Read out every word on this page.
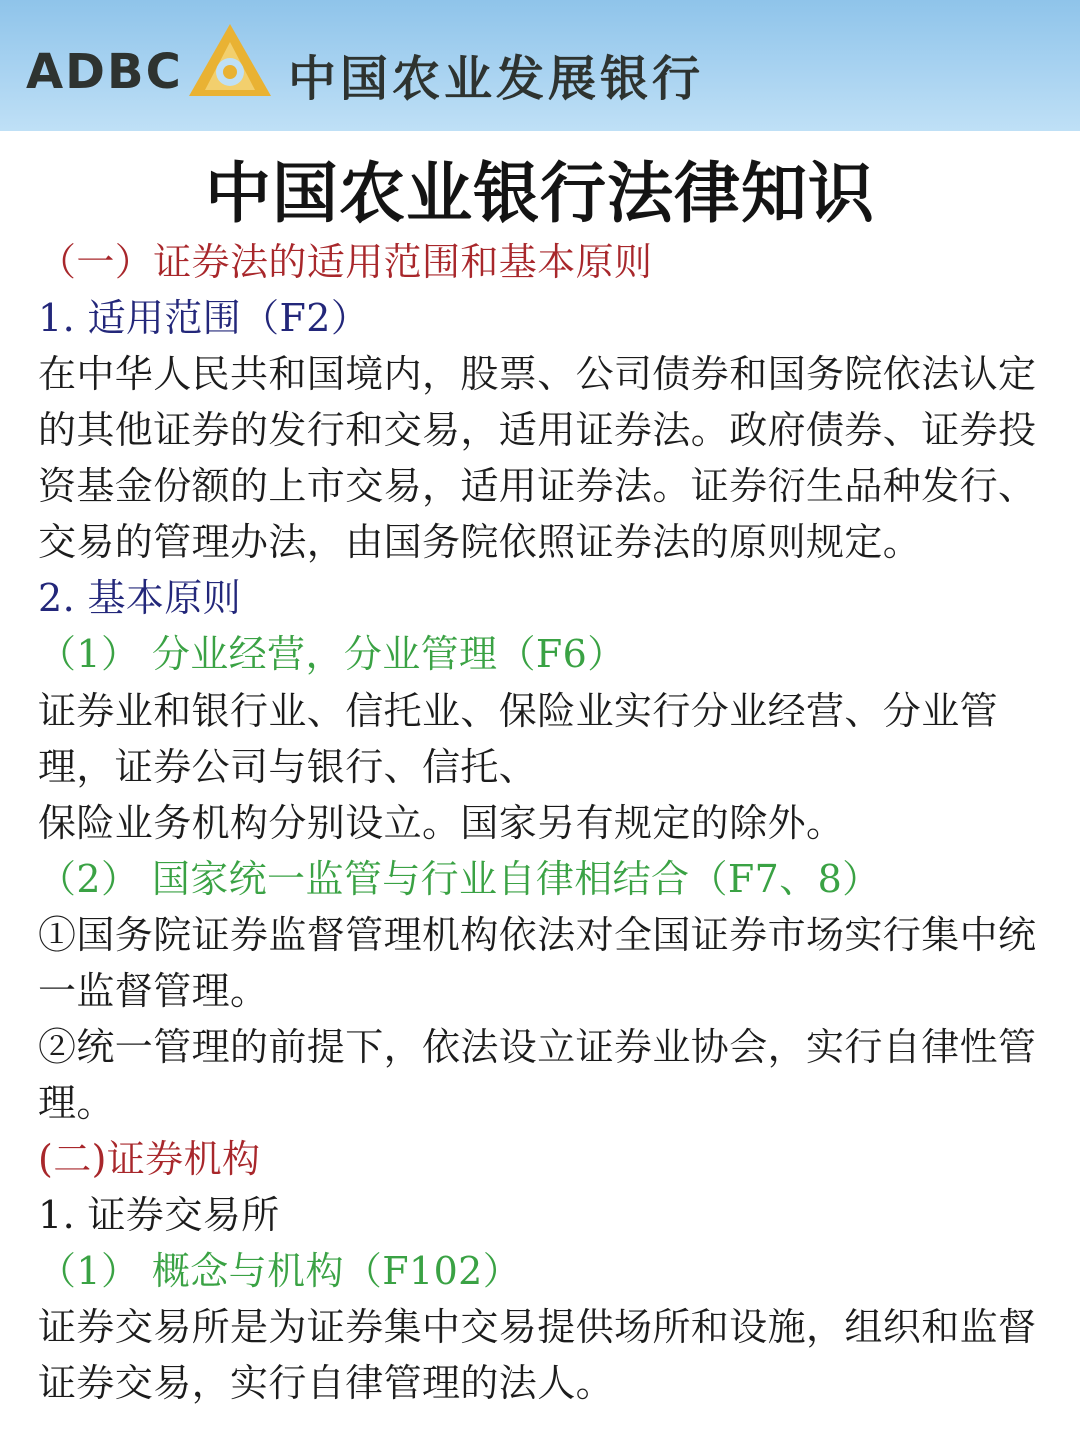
ADBC 中国农业发展银行
中国农业银行法律知识
（一）证券法的适用范围和基本原则
1. 适用范围（F2）
在中华人民共和国境内，股票、公司债券和国务院依法认定
的其他证券的发行和交易，适用证券法。政府债券、证券投
资基金份额的上市交易，适用证券法。证券衍生品种发行、
交易的管理办法，由国务院依照证券法的原则规定。
2. 基本原则
（1） 分业经营，分业管理（F6）
证券业和银行业、信托业、保险业实行分业经营、分业管
理，证券公司与银行、信托、
保险业务机构分别设立。国家另有规定的除外。
（2） 国家统一监管与行业自律相结合（F7、8）
①国务院证券监督管理机构依法对全国证券市场实行集中统
一监督管理。
②统一管理的前提下，依法设立证券业协会，实行自律性管
理。
(二)证券机构
1. 证券交易所
（1） 概念与机构（F102）
证券交易所是为证券集中交易提供场所和设施，组织和监督
证券交易，实行自律管理的法人。
